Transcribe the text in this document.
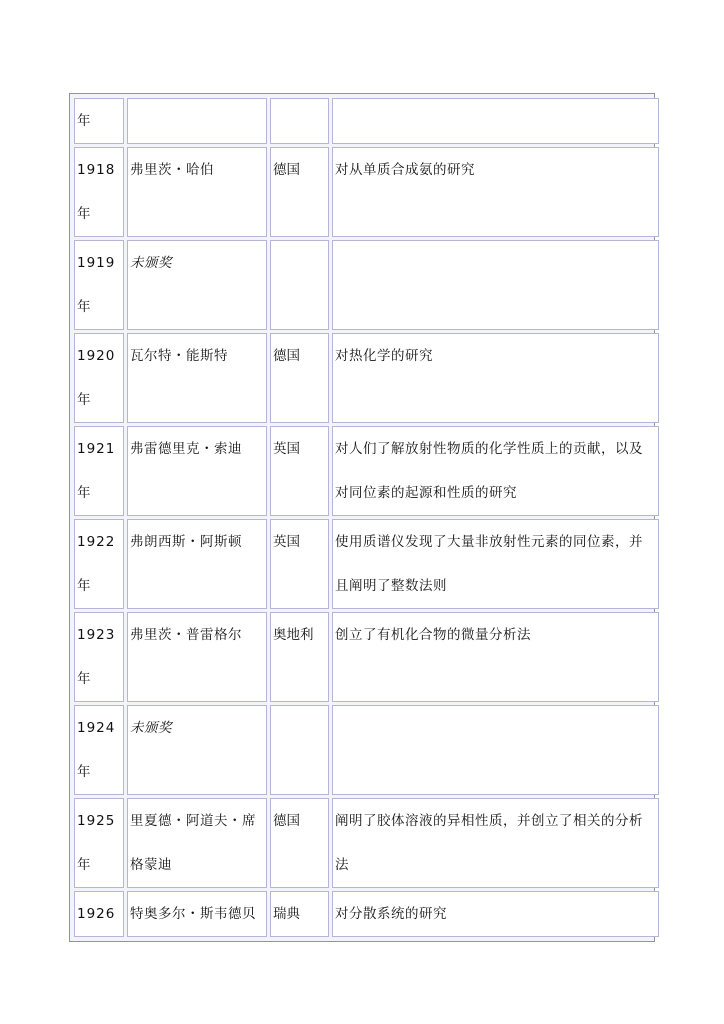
年			
1918 年	弗里茨・哈伯	德国	对从单质合成氨的研究
1919 年	未颁奖		
1920 年	瓦尔特・能斯特	德国	对热化学的研究
1921 年	弗雷德里克・索迪	英国	对人们了解放射性物质的化学性质上的贡献，以及对同位素的起源和性质的研究
1922 年	弗朗西斯・阿斯顿	英国	使用质谱仪发现了大量非放射性元素的同位素，并且阐明了整数法则
1923 年	弗里茨・普雷格尔	奥地利	创立了有机化合物的微量分析法
1924 年	未颁奖		
1925 年	里夏德・阿道夫・席格蒙迪	德国	阐明了胶体溶液的异相性质，并创立了相关的分析法
1926	特奥多尔・斯韦德贝	瑞典	对分散系统的研究
